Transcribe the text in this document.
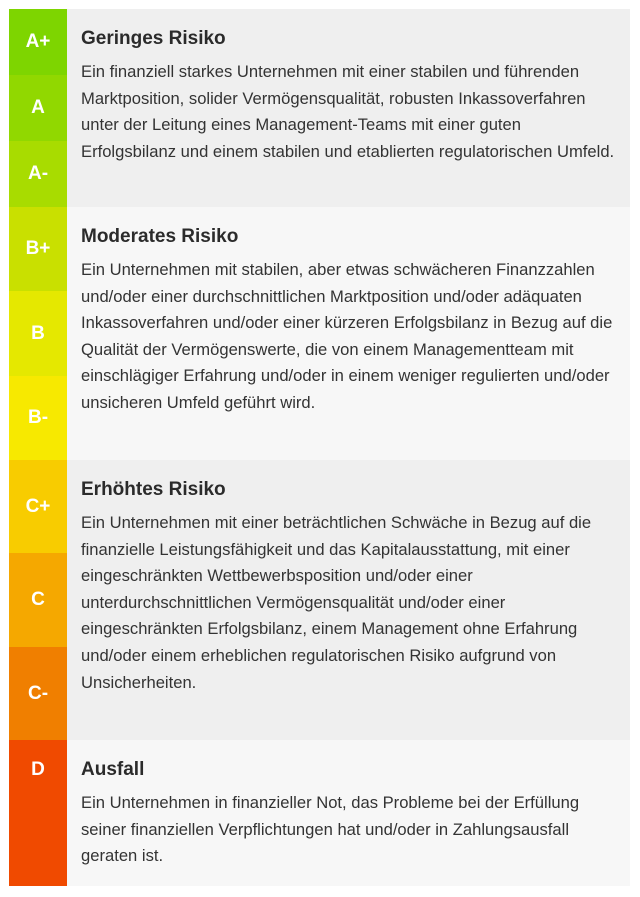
A+
A
A-
Geringes Risiko

Ein finanziell starkes Unternehmen mit einer stabilen und führenden Marktposition, solider Vermögensqualität, robusten Inkassoverfahren unter der Leitung eines Management-Teams mit einer guten Erfolgsbilanz und einem stabilen und etablierten regulatorischen Umfeld.

B+
B
B-
Moderates Risiko

Ein Unternehmen mit stabilen, aber etwas schwächeren Finanzzahlen und/oder einer durchschnittlichen Marktposition und/oder adäquaten Inkassoverfahren und/oder einer kürzeren Erfolgsbilanz in Bezug auf die Qualität der Vermögenswerte, die von einem Managementteam mit einschlägiger Erfahrung und/oder in einem weniger regulierten und/oder unsicheren Umfeld geführt wird.

C+
C
C-
Erhöhtes Risiko

Ein Unternehmen mit einer beträchtlichen Schwäche in Bezug auf die finanzielle Leistungsfähigkeit und das Kapitalausstattung, mit einer eingeschränkten Wettbewerbsposition und/oder einer unterdurchschnittlichen Vermögensqualität und/oder einer eingeschränkten Erfolgsbilanz, einem Management ohne Erfahrung und/oder einem erheblichen regulatorischen Risiko aufgrund von Unsicherheiten.

D	Ausfall

Ein Unternehmen in finanzieller Not, das Probleme bei der Erfüllung seiner finanziellen Verpflichtungen hat und/oder in Zahlungsausfall geraten ist.
